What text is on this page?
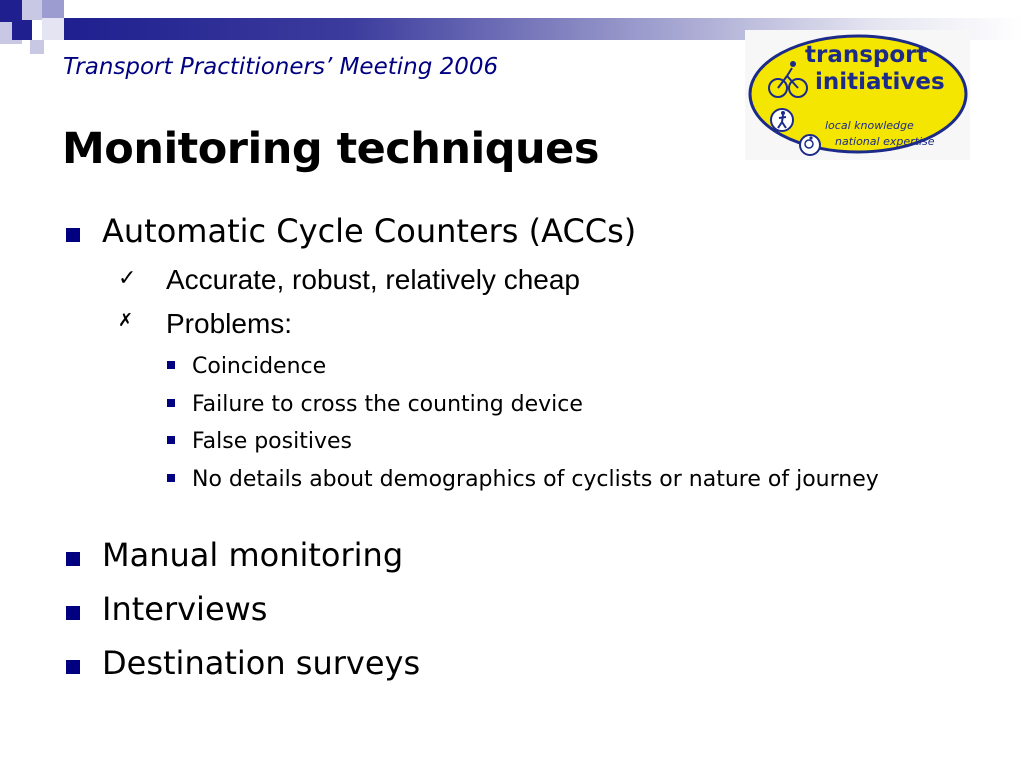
Transport Practitioners’ Meeting 2006
Monitoring techniques
transport
initiatives
local knowledge
national expertise
Automatic Cycle Counters (ACCs)
✓ Accurate, robust, relatively cheap
✗ Problems:
Coincidence
Failure to cross the counting device
False positives
No details about demographics of cyclists or nature of journey
Manual monitoring
Interviews
Destination surveys
